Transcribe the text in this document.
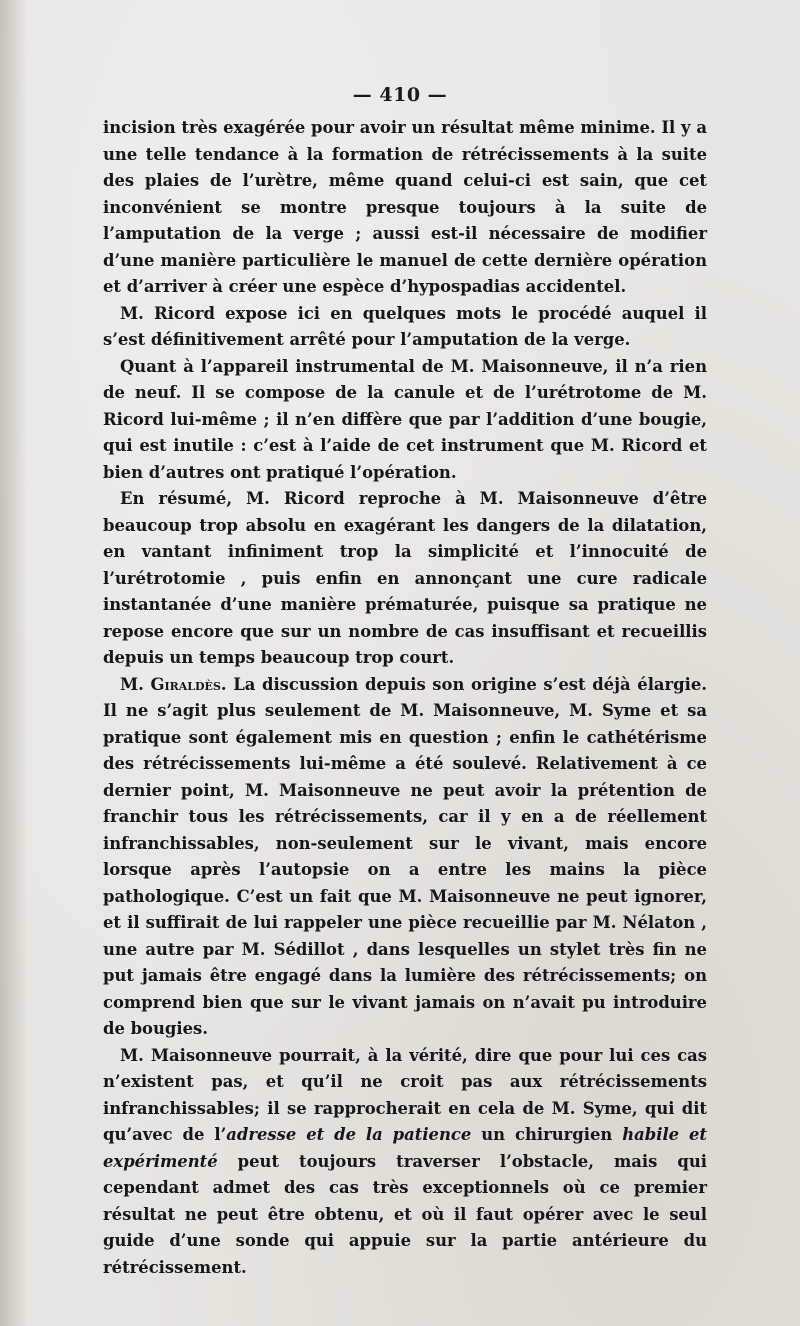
— 410 —

incision très exagérée pour avoir un résultat même minime. Il y a une telle tendance à la formation de rétrécissements à la suite des plaies de l’urètre, même quand celui-ci est sain, que cet inconvénient se montre presque toujours à la suite de l’amputation de la verge ; aussi est-il nécessaire de modifier d’une manière particulière le manuel de cette dernière opération et d’arriver à créer une espèce d’hypospadias accidentel.

M. Ricord expose ici en quelques mots le procédé auquel il s’est définitivement arrêté pour l’amputation de la verge.

Quant à l’appareil instrumental de M. Maisonneuve, il n’a rien de neuf. Il se compose de la canule et de l’urétrotome de M. Ricord lui-même ; il n’en diffère que par l’addition d’une bougie, qui est inutile : c’est à l’aide de cet instrument que M. Ricord et bien d’autres ont pratiqué l’opération.

En résumé, M. Ricord reproche à M. Maisonneuve d’être beaucoup trop absolu en exagérant les dangers de la dilatation, en vantant infiniment trop la simplicité et l’innocuité de l’urétrotomie , puis enfin en annonçant une cure radicale instantanée d’une manière prématurée, puisque sa pratique ne repose encore que sur un nombre de cas insuffisant et recueillis depuis un temps beaucoup trop court.

M. Giraldès. La discussion depuis son origine s’est déjà élargie. Il ne s’agit plus seulement de M. Maisonneuve, M. Syme et sa pratique sont également mis en question ; enfin le cathétérisme des rétrécissements lui-même a été soulevé. Relativement à ce dernier point, M. Maisonneuve ne peut avoir la prétention de franchir tous les rétrécissements, car il y en a de réellement infranchissables, non-seulement sur le vivant, mais encore lorsque après l’autopsie on a entre les mains la pièce pathologique. C’est un fait que M. Maisonneuve ne peut ignorer, et il suffirait de lui rappeler une pièce recueillie par M. Nélaton , une autre par M. Sédillot , dans lesquelles un stylet très fin ne put jamais être engagé dans la lumière des rétrécissements; on comprend bien que sur le vivant jamais on n’avait pu introduire de bougies.

M. Maisonneuve pourrait, à la vérité, dire que pour lui ces cas n’existent pas, et qu’il ne croit pas aux rétrécissements infranchissables; il se rapprocherait en cela de M. Syme, qui dit qu’avec de l’adresse et de la patience un chirurgien habile et expérimenté peut toujours traverser l’obstacle, mais qui cependant admet des cas très exceptionnels où ce premier résultat ne peut être obtenu, et où il faut opérer avec le seul guide d’une sonde qui appuie sur la partie antérieure du rétrécissement.
